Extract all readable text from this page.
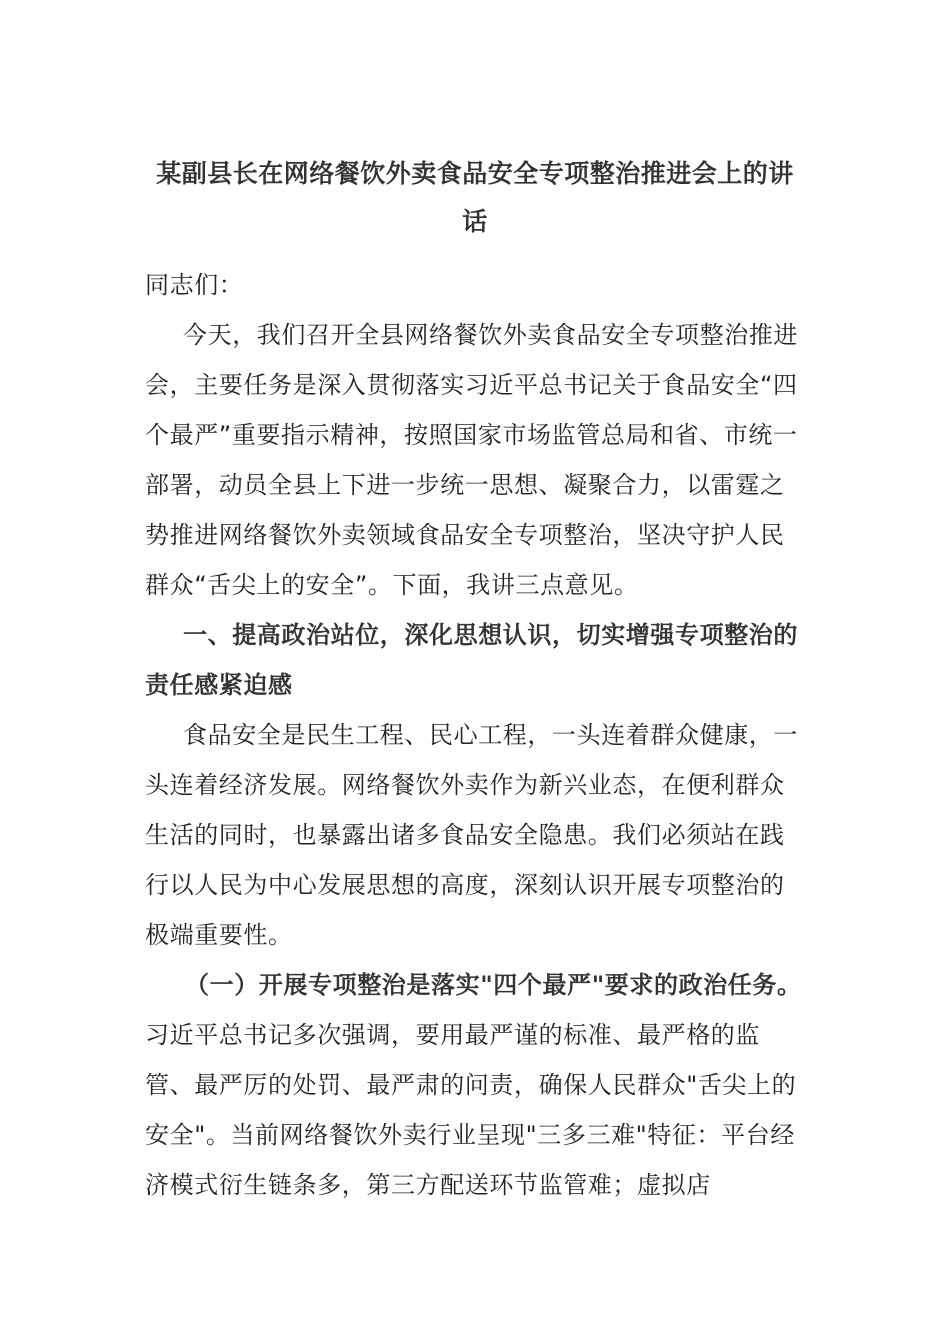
某副县长在网络餐饮外卖食品安全专项整治推进会上的讲话

同志们：

今天，我们召开全县网络餐饮外卖食品安全专项整治推进会，主要任务是深入贯彻落实习近平总书记关于食品安全“四个最严”重要指示精神，按照国家市场监管总局和省、市统一部署，动员全县上下进一步统一思想、凝聚合力，以雷霆之势推进网络餐饮外卖领域食品安全专项整治，坚决守护人民群众“舌尖上的安全”。下面，我讲三点意见。

一、提高政治站位，深化思想认识，切实增强专项整治的责任感紧迫感

食品安全是民生工程、民心工程，一头连着群众健康，一头连着经济发展。网络餐饮外卖作为新兴业态，在便利群众生活的同时，也暴露出诸多食品安全隐患。我们必须站在践行以人民为中心发展思想的高度，深刻认识开展专项整治的极端重要性。

（一）开展专项整治是落实"四个最严"要求的政治任务。习近平总书记多次强调，要用最严谨的标准、最严格的监管、最严厉的处罚、最严肃的问责，确保人民群众"舌尖上的安全"。当前网络餐饮外卖行业呈现"三多三难"特征：平台经济模式衍生链条多，第三方配送环节监管难；虚拟店
